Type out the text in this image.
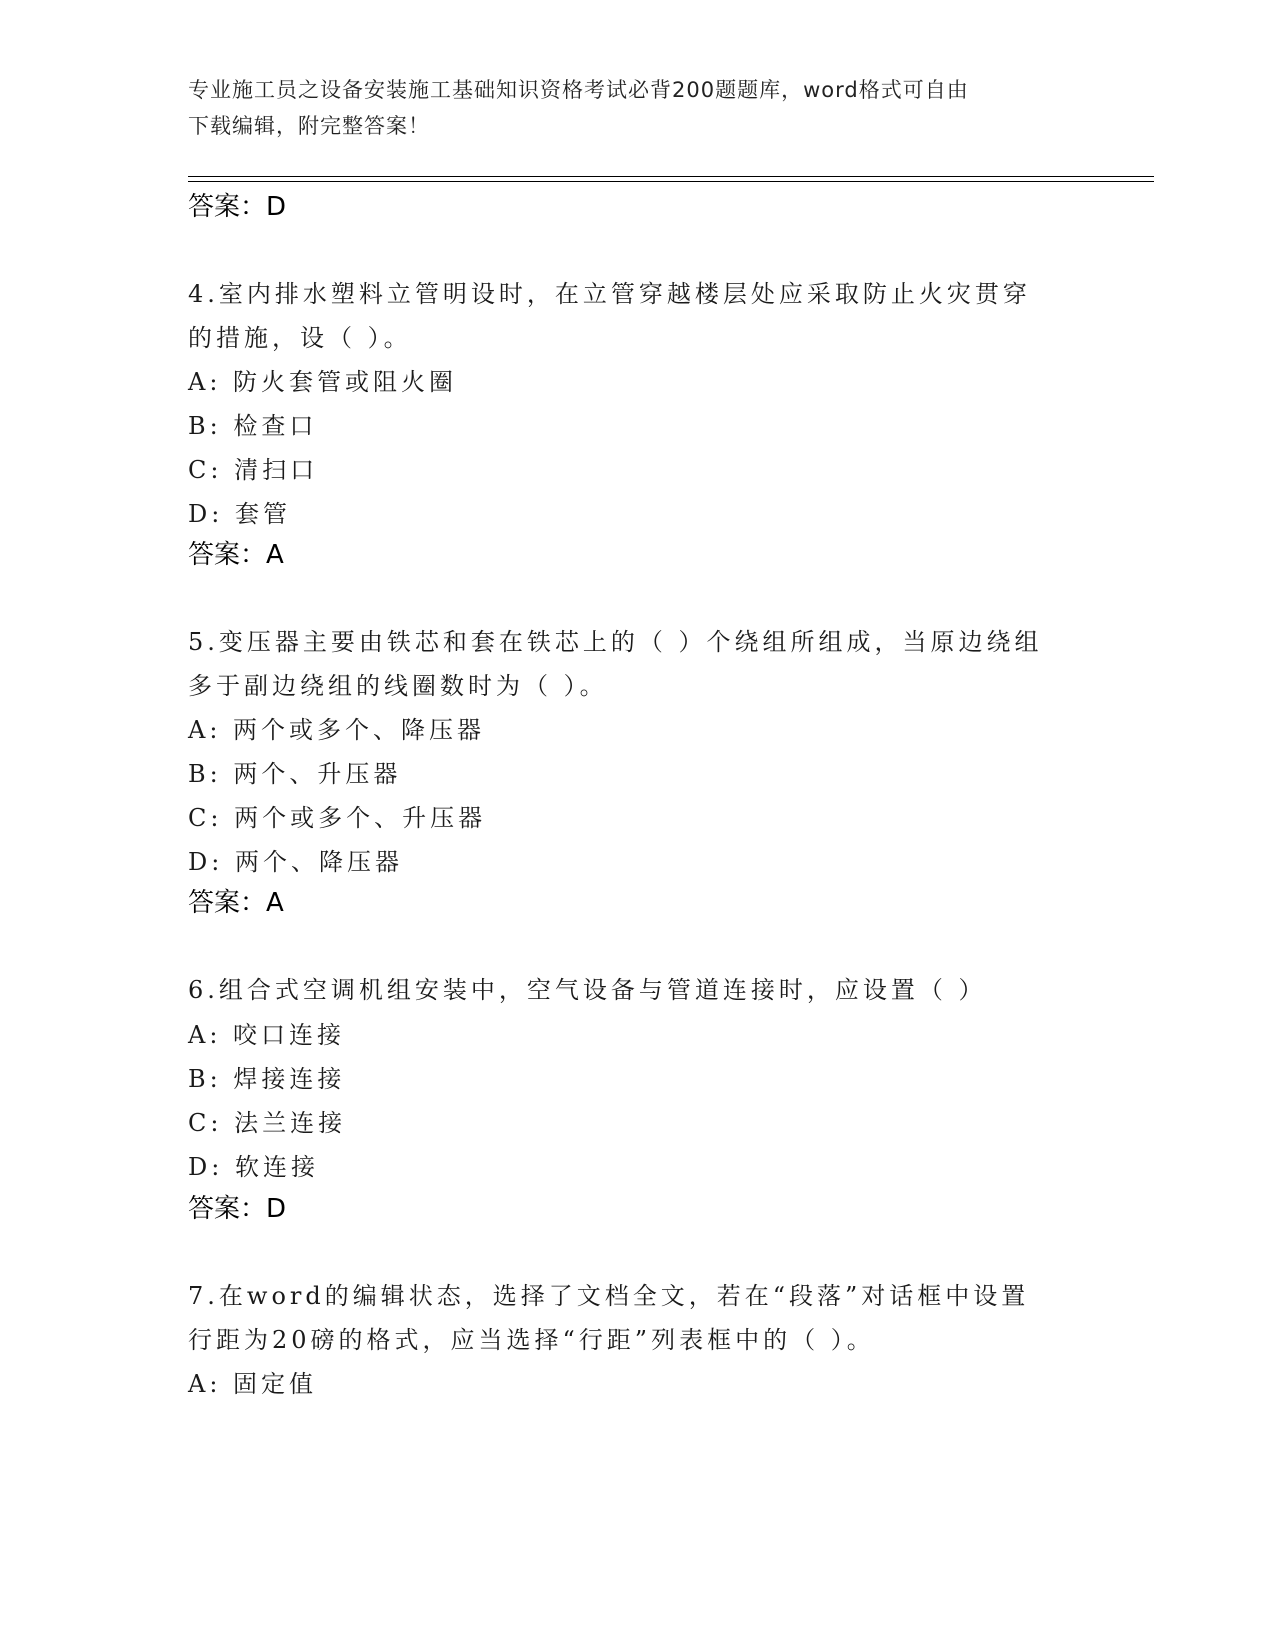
专业施工员之设备安装施工基础知识资格考试必背200题题库，word格式可自由
下载编辑，附完整答案！
答案：D
4.室内排水塑料立管明设时，在立管穿越楼层处应采取防止火灾贯穿
的措施，设（ ）。
A: 防火套管或阻火圈
B: 检查口
C: 清扫口
D: 套管
答案：A
5.变压器主要由铁芯和套在铁芯上的（ ）个绕组所组成，当原边绕组
多于副边绕组的线圈数时为（ ）。
A: 两个或多个、降压器
B: 两个、升压器
C: 两个或多个、升压器
D: 两个、降压器
答案：A
6.组合式空调机组安装中，空气设备与管道连接时，应设置（ ）
A: 咬口连接
B: 焊接连接
C: 法兰连接
D: 软连接
答案：D
7.在word的编辑状态，选择了文档全文，若在“段落”对话框中设置
行距为20磅的格式，应当选择“行距”列表框中的（ ）。
A: 固定值
